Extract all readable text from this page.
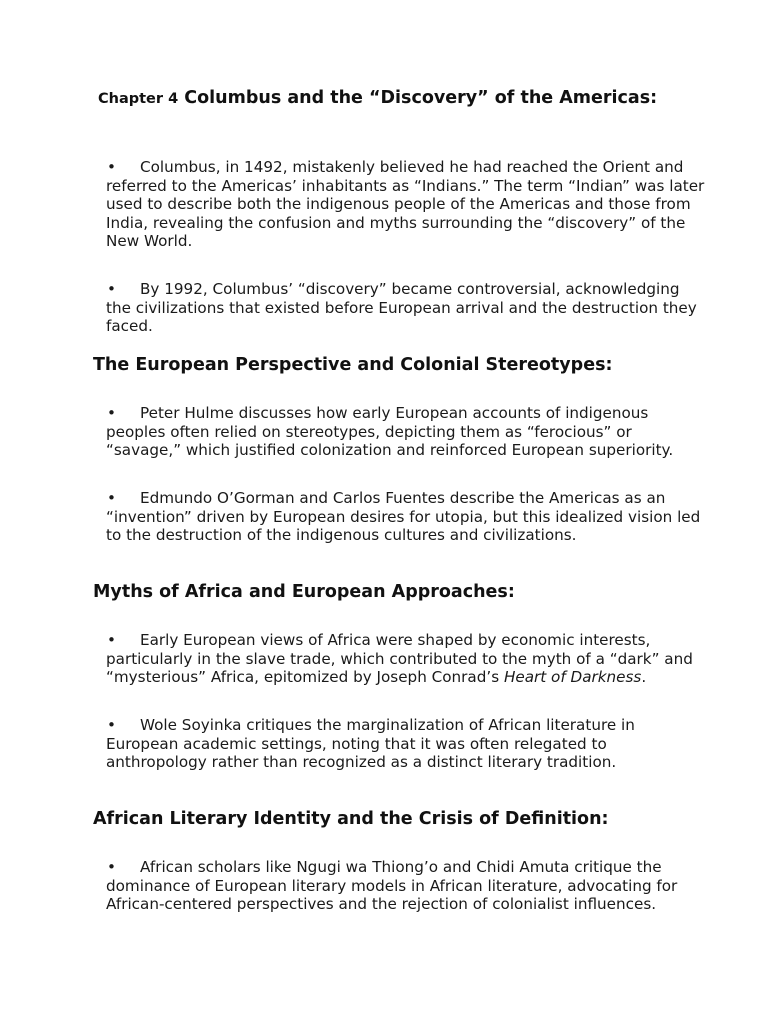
Chapter 4 Columbus and the “Discovery” of the Americas:

• Columbus, in 1492, mistakenly believed he had reached the Orient and referred to the Americas’ inhabitants as “Indians.” The term “Indian” was later used to describe both the indigenous people of the Americas and those from India, revealing the confusion and myths surrounding the “discovery” of the New World.

• By 1992, Columbus’ “discovery” became controversial, acknowledging the civilizations that existed before European arrival and the destruction they faced.

The European Perspective and Colonial Stereotypes:

• Peter Hulme discusses how early European accounts of indigenous peoples often relied on stereotypes, depicting them as “ferocious” or “savage,” which justified colonization and reinforced European superiority.

• Edmundo O’Gorman and Carlos Fuentes describe the Americas as an “invention” driven by European desires for utopia, but this idealized vision led to the destruction of the indigenous cultures and civilizations.

Myths of Africa and European Approaches:

• Early European views of Africa were shaped by economic interests, particularly in the slave trade, which contributed to the myth of a “dark” and “mysterious” Africa, epitomized by Joseph Conrad’s Heart of Darkness.

• Wole Soyinka critiques the marginalization of African literature in European academic settings, noting that it was often relegated to anthropology rather than recognized as a distinct literary tradition.

African Literary Identity and the Crisis of Definition:

• African scholars like Ngugi wa Thiong’o and Chidi Amuta critique the dominance of European literary models in African literature, advocating for African-centered perspectives and the rejection of colonialist influences.
